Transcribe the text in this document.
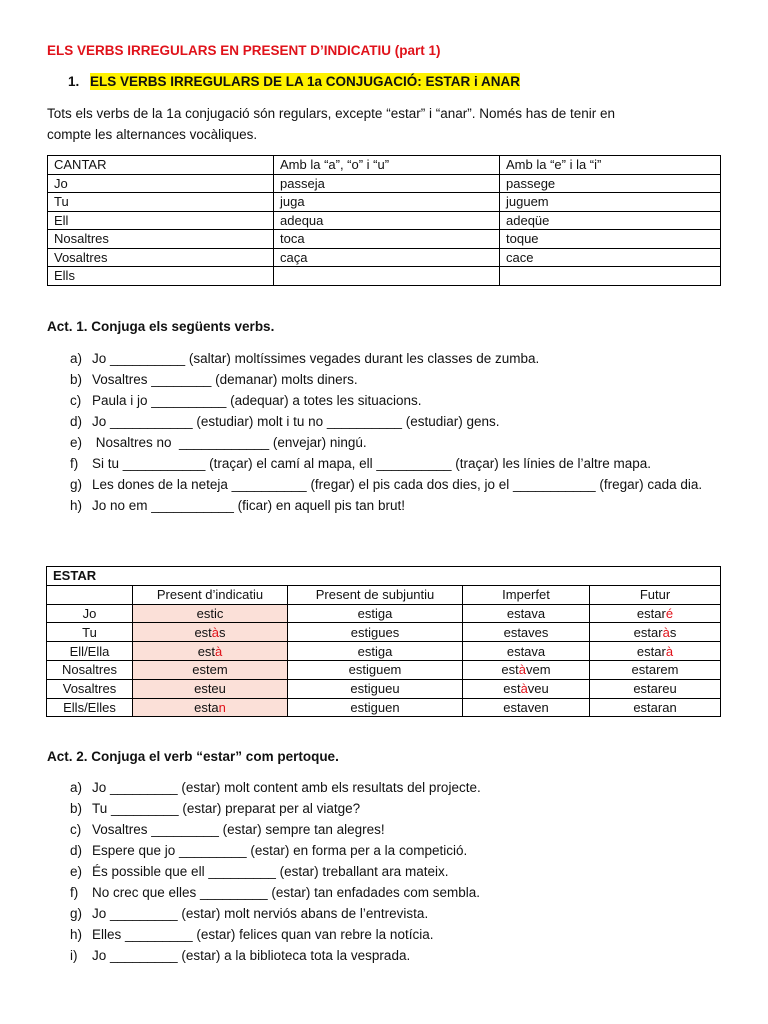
ELS VERBS IRREGULARS EN PRESENT D’INDICATIU (part 1)
1. ELS VERBS IRREGULARS DE LA 1a CONJUGACIÓ: ESTAR i ANAR
Tots els verbs de la 1a conjugació són regulars, excepte “estar” i “anar”. Només has de tenir en
compte les alternances vocàliques.
CANTAR	Amb la “a”, “o” i “u”	Amb la “e” i la “i”
Jo	passeja	passege
Tu	juga	juguem
Ell	adequa	adeqüe
Nosaltres	toca	toque
Vosaltres	caça	cace
Ells		
Act. 1. Conjuga els següents verbs.
a) Jo __________ (saltar) moltíssimes vegades durant les classes de zumba.
b) Vosaltres ________ (demanar) molts diners.
c) Paula i jo __________ (adequar) a totes les situacions.
d) Jo ___________ (estudiar) molt i tu no __________ (estudiar) gens.
e) Nosaltres no  ____________ (envejar) ningú.
f) Si tu ___________ (traçar) el camí al mapa, ell __________ (traçar) les línies de l’altre mapa.
g) Les dones de la neteja __________ (fregar) el pis cada dos dies, jo el ___________ (fregar) cada dia.
h) Jo no em ___________ (ficar) en aquell pis tan brut!
ESTAR				
	Present d’indicatiu	Present de subjuntiu	Imperfet	Futur
Jo	estic	estiga	estava	estaré
Tu	estàs	estigues	estaves	estaràs
Ell/Ella	està	estiga	estava	estarà
Nosaltres	estem	estiguem	estàvem	estarem
Vosaltres	esteu	estigueu	estàveu	estareu
Ells/Elles	estan	estiguen	estaven	estaran
Act. 2. Conjuga el verb “estar” com pertoque.
a) Jo _________ (estar) molt content amb els resultats del projecte.
b) Tu _________ (estar) preparat per al viatge?
c) Vosaltres _________ (estar) sempre tan alegres!
d) Espere que jo _________ (estar) en forma per a la competició.
e) És possible que ell _________ (estar) treballant ara mateix.
f) No crec que elles _________ (estar) tan enfadades com sembla.
g) Jo _________ (estar) molt nerviós abans de l’entrevista.
h) Elles _________ (estar) felices quan van rebre la notícia.
i) Jo _________ (estar) a la biblioteca tota la vesprada.
